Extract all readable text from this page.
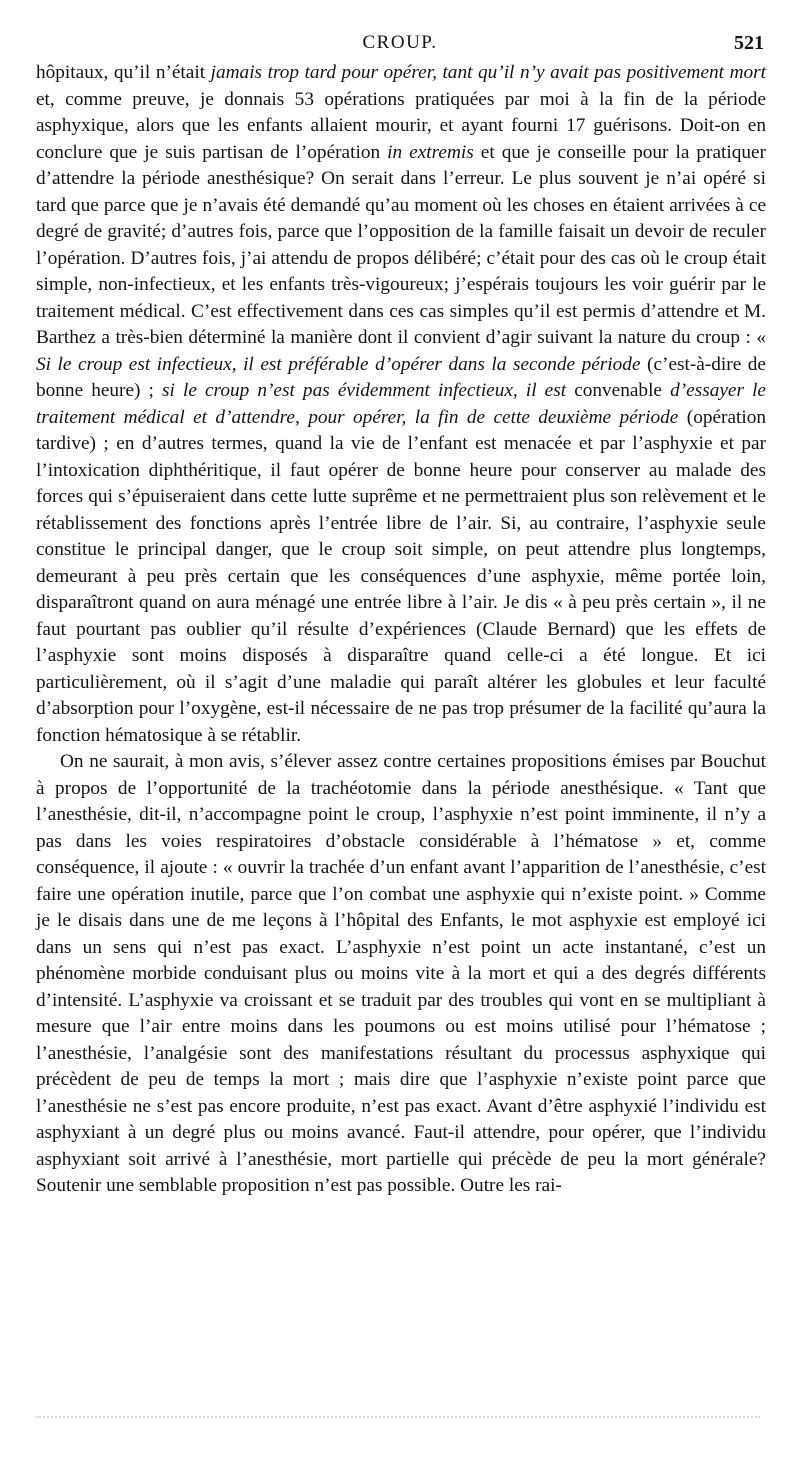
CROUP.	521

hôpitaux, qu’il n’était jamais trop tard pour opérer, tant qu’il n’y avait pas positivement mort et, comme preuve, je donnais 53 opérations pratiquées par moi à la fin de la période asphyxique, alors que les enfants allaient mourir, et ayant fourni 17 guérisons. Doit-on en conclure que je suis partisan de l’opération in extremis et que je conseille pour la pratiquer d’attendre la période anesthésique? On serait dans l’erreur. Le plus souvent je n’ai opéré si tard que parce que je n’avais été demandé qu’au moment où les choses en étaient arrivées à ce degré de gravité; d’autres fois, parce que l’opposition de la famille faisait un devoir de reculer l’opération. D’autres fois, j’ai attendu de propos délibéré; c’était pour des cas où le croup était simple, non-infectieux, et les enfants très-vigoureux; j’espérais toujours les voir guérir par le traitement médical. C’est effectivement dans ces cas simples qu’il est permis d’attendre et M. Barthez a très-bien déterminé la manière dont il convient d’agir suivant la nature du croup : « Si le croup est infectieux, il est préférable d’opérer dans la seconde période (c’est-à-dire de bonne heure) ; si le croup n’est pas évidemment infectieux, il est convenable d’essayer le traitement médical et d’attendre, pour opérer, la fin de cette deuxième période (opération tardive) ; en d’autres termes, quand la vie de l’enfant est menacée et par l’asphyxie et par l’intoxication diphthéritique, il faut opérer de bonne heure pour conserver au malade des forces qui s’épuiseraient dans cette lutte suprême et ne permettraient plus son relèvement et le rétablissement des fonctions après l’entrée libre de l’air. Si, au contraire, l’asphyxie seule constitue le principal danger, que le croup soit simple, on peut attendre plus longtemps, demeurant à peu près certain que les conséquences d’une asphyxie, même portée loin, disparaîtront quand on aura ménagé une entrée libre à l’air. Je dis « à peu près certain », il ne faut pourtant pas oublier qu’il résulte d’expériences (Claude Bernard) que les effets de l’asphyxie sont moins disposés à disparaître quand celle-ci a été longue. Et ici particulièrement, où il s’agit d’une maladie qui paraît altérer les globules et leur faculté d’absorption pour l’oxygène, est-il nécessaire de ne pas trop présumer de la facilité qu’aura la fonction hématosique à se rétablir.

On ne saurait, à mon avis, s’élever assez contre certaines propositions émises par Bouchut à propos de l’opportunité de la trachéotomie dans la période anesthésique. « Tant que l’anesthésie, dit-il, n’accompagne point le croup, l’asphyxie n’est point imminente, il n’y a pas dans les voies respiratoires d’obstacle considérable à l’hématose » et, comme conséquence, il ajoute : « ouvrir la trachée d’un enfant avant l’apparition de l’anesthésie, c’est faire une opération inutile, parce que l’on combat une asphyxie qui n’existe point. » Comme je le disais dans une de me leçons à l’hôpital des Enfants, le mot asphyxie est employé ici dans un sens qui n’est pas exact. L’asphyxie n’est point un acte instantané, c’est un phénomène morbide conduisant plus ou moins vite à la mort et qui a des degrés différents d’intensité. L’asphyxie va croissant et se traduit par des troubles qui vont en se multipliant à mesure que l’air entre moins dans les poumons ou est moins utilisé pour l’hématose ; l’anesthésie, l’analgésie sont des manifestations résultant du processus asphyxique qui précèdent de peu de temps la mort ; mais dire que l’asphyxie n’existe point parce que l’anesthésie ne s’est pas encore produite, n’est pas exact. Avant d’être asphyxié l’individu est asphyxiant à un degré plus ou moins avancé. Faut-il attendre, pour opérer, que l’individu asphyxiant soit arrivé à l’anesthésie, mort partielle qui précède de peu la mort générale? Soutenir une semblable proposition n’est pas possible. Outre les rai-
